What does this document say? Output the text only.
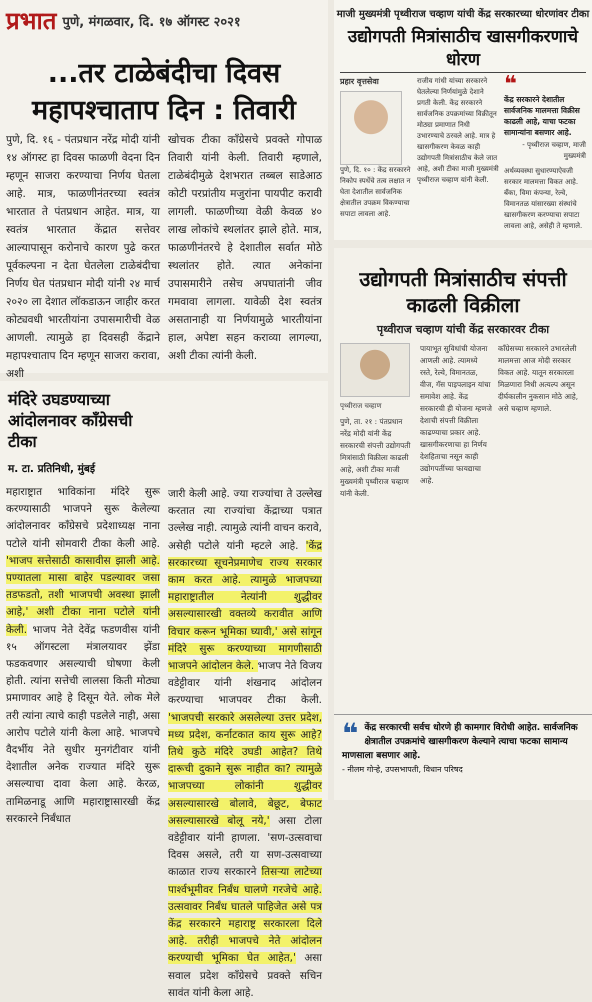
प्रभात पुणे, मंगळवार, दि. १७ ऑगस्ट २०२१
...तर टाळेबंदीचा दिवस महापश्चाताप दिन : तिवारी

पुणे, दि. १६ - पंतप्रधान नरेंद्र मोदी यांनी १४ ऑगस्ट हा दिवस फाळणी वेदना दिन म्हणून साजरा करण्याचा निर्णय घेतला आहे. मात्र, फाळणीनंतरच्या स्वतंत्र भारतात ते पंतप्रधान आहेत. मात्र, या स्वतंत्र भारतात केंद्रात सत्तेवर आल्यापासून करोनाचे कारण पुढे करत पूर्वकल्पना न देता घेतलेला टाळेबंदीचा निर्णय घेत पंतप्रधान मोदी यांनी २४ मार्च २०२० ला देशात लॉकडाऊन जाहीर करत कोट्यवधी भारतीयांना उपासमारीची वेळ आणली. त्यामुळे हा दिवसही केंद्राने महापश्चाताप दिन म्हणून साजरा करावा, अशी

खोचक टीका काँग्रेसचे प्रवक्ते गोपाळ तिवारी यांनी केली. तिवारी म्हणाले, टाळेबंदीमुळे देशभरात तब्बल साडेआठ कोटी परप्रांतीय मजुरांना पायपीट करावी लागली. फाळणीच्या वेळी केवळ ४० लाख लोकांचे स्थलांतर झाले होते. मात्र, फाळणीनंतरचे हे देशातील सर्वात मोठे स्थलांतर होते. त्यात अनेकांना उपासमारीने तसेच अपघातांनी जीव गमवावा लागला. यावेळी देश स्वतंत्र असतानाही या निर्णयामुळे भारतीयांना हाल, अपेष्टा सहन कराव्या लागल्या, अशी टीका त्यांनी केली.

माजी मुख्यमंत्री पृथ्वीराज चव्हाण यांची केंद्र सरकारच्या धोरणांवर टीका
उद्योगपती मित्रांसाठीच खासगीकरणाचे धोरण
प्रहार वृत्तसेवा

पुणे, दि. १० : केंद्र सरकारने निकोप स्पर्धेचे तत्व लक्षात न घेता देशातील सार्वजनिक क्षेत्रातील उपक्रम विकण्याचा सपाटा लावला आहे.

राजीव गांधी यांच्या सरकारने घेतलेल्या निर्णयांमुळे देशाने प्रगती केली. केंद्र सरकारने सार्वजनिक उपक्रमांच्या विक्रीतून मोठ्या प्रमाणात निधी उभारण्याचे ठरवले आहे. मात्र हे खासगीकरण केवळ काही उद्योगपती मित्रांसाठीच केले जात आहे, अशी टीका माजी मुख्यमंत्री पृथ्वीराज चव्हाण यांनी केली.

❝

केंद्र सरकारने देशातील सार्वजनिक मालमत्ता विक्रीस काढली आहे, याचा फटका सामान्यांना बसणार आहे.

- पृथ्वीराज चव्हाण, माजी मुख्यमंत्री

अर्थव्यवस्था सुधारण्याऐवजी सरकार मालमत्ता विकत आहे. बँका, विमा कंपन्या, रेल्वे, विमानतळ यांसारख्या संस्थांचे खासगीकरण करण्याचा सपाटा लावला आहे, असेही ते म्हणाले.

उद्योगपती मित्रांसाठीच संपत्ती काढली विक्रीला
पृथ्वीराज चव्हाण यांची केंद्र सरकारवर टीका
पृथ्वीराज चव्हाण

पुणे, ता. २१ : पंतप्रधान नरेंद्र मोदी यांनी केंद्र सरकारची संपत्ती उद्योगपती मित्रांसाठी विक्रीला काढली आहे, अशी टीका माजी मुख्यमंत्री पृथ्वीराज चव्हाण यांनी केली.

पायाभूत सुविधांची योजना आणली आहे. त्यामध्ये रस्ते, रेल्वे, विमानतळ, वीज, गॅस पाइपलाइन यांचा समावेश आहे. केंद्र सरकारची ही योजना म्हणजे देशाची संपत्ती विक्रीला काढण्याचा प्रकार आहे. खासगीकरणाचा हा निर्णय देशहिताचा नसून काही उद्योगपतींच्या फायद्याचा आहे.

काँग्रेसच्या सरकारने उभारलेली मालमत्ता आज मोदी सरकार विकत आहे. यातून सरकारला मिळणारा निधी अत्यल्प असून दीर्घकालीन नुकसान मोठे आहे, असे चव्हाण म्हणाले.

❝ केंद्र सरकारची सर्वच धोरणे ही कामगार विरोधी आहेत. सार्वजनिक क्षेत्रातील उपक्रमांचे खासगीकरण केल्याने त्याचा फटका सामान्य माणसाला बसणार आहे.
- नीलम गोऱ्हे, उपसभापती, विधान परिषद
मंदिरे उघडण्याच्या आंदोलनावर काँग्रेसची टीका
म. टा. प्रतिनिधी, मुंबई

महाराष्ट्रात भाविकांना मंदिरे सुरू करण्यासाठी भाजपने सुरू केलेल्या आंदोलनावर काँग्रेसचे प्रदेशाध्यक्ष नाना पटोले यांनी सोमवारी टीका केली आहे. 'भाजप सत्तेसाठी कासावीस झाली आहे. पण्यातला मासा बाहेर पडल्यावर जसा तडफडतो, तशी भाजपची अवस्था झाली आहे,' अशी टीका नाना पटोले यांनी केली. भाजप नेते देवेंद्र फडणवीस यांनी १५ ऑगस्टला मंत्रालयावर झेंडा फडकवणार असल्याची घोषणा केली होती. त्यांना सत्तेची लालसा किती मोठ्या प्रमाणावर आहे हे दिसून येते. लोक मेले तरी त्यांना त्याचे काही पडलेले नाही, असा आरोप पटोले यांनी केला आहे. भाजपचे वैदर्भीय नेते सुधीर मुनगंटीवार यांनी देशातील अनेक राज्यात मंदिरे सुरू असल्याचा दावा केला आहे. केरळ, तामिळनाडू आणि महाराष्ट्रासारखी केंद्र सरकारने निर्बंधात

जारी केली आहे. ज्या राज्यांचा ते उल्लेख करतात त्या राज्यांचा केंद्राच्या पत्रात उल्लेख नाही. त्यामुळे त्यांनी वाचन करावे, असेही पटोले यांनी म्हटले आहे. 'केंद्र सरकारच्या सूचनेप्रमाणेच राज्य सरकार काम करत आहे. त्यामुळे भाजपच्या महाराष्ट्रातील नेत्यांनी शुद्धीवर असल्यासारखी वक्तव्ये करावीत आणि विचार करून भूमिका घ्यावी,' असे सांगून मंदिरे सुरू करण्याच्या मागणीसाठी भाजपने आंदोलन केले. भाजप नेते विजय वडेट्टीवार यांनी शंखनाद आंदोलन करण्याचा भाजपवर टीका केली. 'भाजपची सरकारे असलेल्या उत्तर प्रदेश, मध्य प्रदेश, कर्नाटकात काय सुरू आहे? तिथे कुठे मंदिरे उघडी आहेत? तिथे दारूची दुकाने सुरू नाहीत का? त्यामुळे भाजपच्या लोकांनी शुद्धीवर असल्यासारखे बोलावे, बेछूट, बेफाट असल्यासारखे बोलू नये,' असा टोला वडेट्टीवार यांनी हाणला. 'सण-उत्सवाचा दिवस असले, तरी या सण-उत्सवाच्या काळात राज्य सरकारने तिसऱ्या लाटेच्या पार्श्वभूमीवर निर्बंध घालणे गरजेचे आहे. उत्सवावर निर्बंध घातले पाहिजेत असे पत्र केंद्र सरकारने महाराष्ट्र सरकारला दिले आहे. तरीही भाजपचे नेते आंदोलन करण्याची भूमिका घेत आहेत,' असा सवाल प्रदेश काँग्रेसचे प्रवक्ते सचिन सावंत यांनी केला आहे.
